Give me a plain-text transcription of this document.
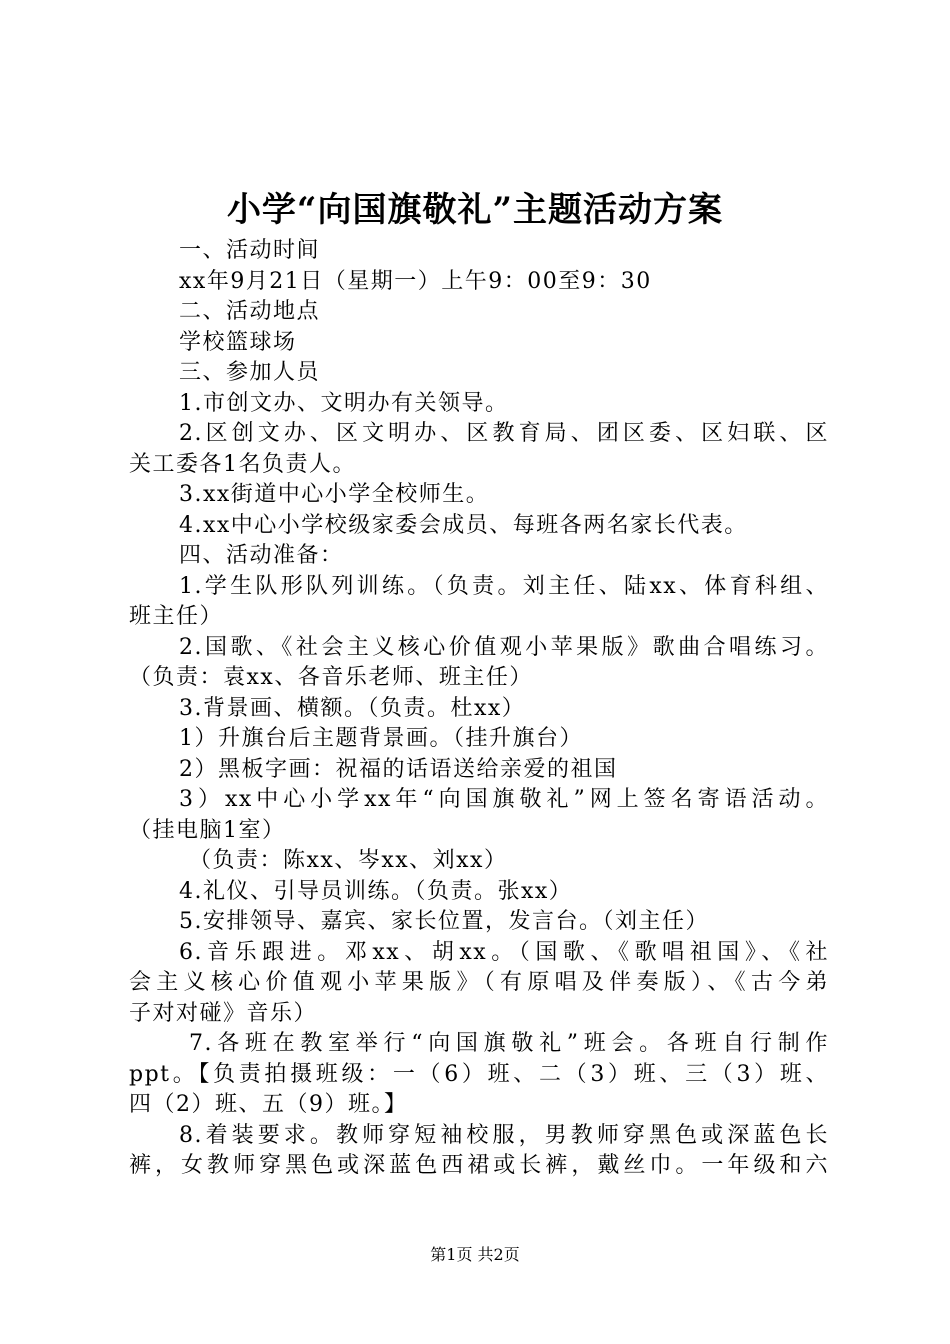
小学“向国旗敬礼”主题活动方案
一、活动时间
xx年9月21日（星期一）上午9：00至9：30
二、活动地点
学校篮球场
三、参加人员
1.市创文办、文明办有关领导。
2.区创文办、区文明办、区教育局、团区委、区妇联、区
关工委各1名负责人。
3.xx街道中心小学全校师生。
4.xx中心小学校级家委会成员、每班各两名家长代表。
四、活动准备：
1.学生队形队列训练。（负责。刘主任、陆xx、体育科组、
班主任）
2.国歌、《社会主义核心价值观小苹果版》歌曲合唱练习。
（负责：袁xx、各音乐老师、班主任）
3.背景画、横额。（负责。杜xx）
1）升旗台后主题背景画。（挂升旗台）
2）黑板字画：祝福的话语送给亲爱的祖国
3）xx中心小学xx年“向国旗敬礼”网上签名寄语活动。
（挂电脑1室）
（负责：陈xx、岑xx、刘xx）
4.礼仪、引导员训练。（负责。张xx）
5.安排领导、嘉宾、家长位置，发言台。（刘主任）
6.音乐跟进。邓xx、胡xx。（国歌、《歌唱祖国》、《社
会主义核心价值观小苹果版》（有原唱及伴奏版）、《古今弟
子对对碰》音乐）
7.各班在教室举行“向国旗敬礼”班会。各班自行制作
ppt。【负责拍摄班级：一（6）班、二（3）班、三（3）班、
四（2）班、五（9）班。】
8.着装要求。教师穿短袖校服，男教师穿黑色或深蓝色长
裤，女教师穿黑色或深蓝色西裙或长裤，戴丝巾。一年级和六
第1页 共2页
